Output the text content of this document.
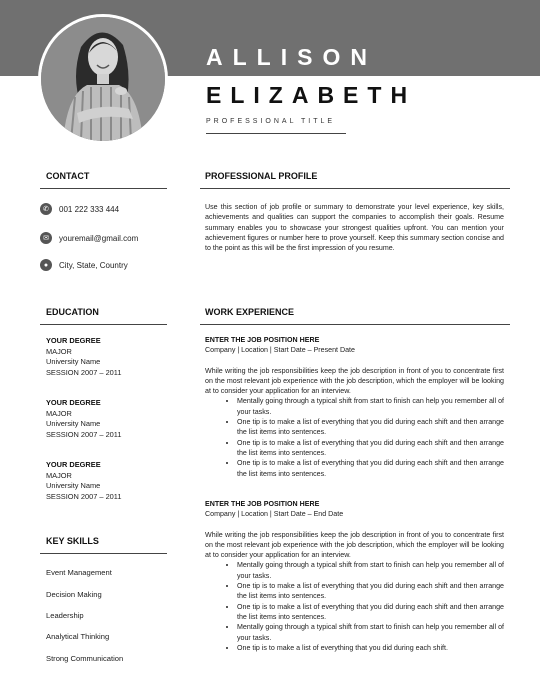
ALLISON
ELIZABETH
PROFESSIONAL TITLE
CONTACT
✆	001 222 333 444
✉	youremail@gmail.com
●	City, State, Country
EDUCATION
YOUR DEGREE
MAJOR
University Name
SESSION 2007 – 2011
YOUR DEGREE
MAJOR
University Name
SESSION 2007 – 2011
YOUR DEGREE
MAJOR
University Name
SESSION 2007 – 2011
KEY SKILLS
Event Management
Decision Making
Leadership
Analytical Thinking
Strong Communication
PROFESSIONAL PROFILE
Use this section of job profile or summary to demonstrate your level experience, key skills, achievements and qualities can support the companies to accomplish their goals. Resume summary enables you to showcase your strongest qualities upfront. You can mention your achievement figures or number here to prove yourself. Keep this summary section concise and to the point as this will be the first impression of you resume.
WORK EXPERIENCE
ENTER THE JOB POSITION HERE
Company | Location | Start Date – Present Date

While writing the job responsibilities keep the job description in front of you to concentrate first on the most relevant job experience with the job description, which the employer will be looking at to consider your application for an interview.

• Mentally going through a typical shift from start to finish can help you remember all of your tasks.
• One tip is to make a list of everything that you did during each shift and then arrange the list items into sentences.
• One tip is to make a list of everything that you did during each shift and then arrange the list items into sentences.
• One tip is to make a list of everything that you did during each shift and then arrange the list items into sentences.
ENTER THE JOB POSITION HERE
Company | Location | Start Date – End Date

While writing the job responsibilities keep the job description in front of you to concentrate first on the most relevant job experience with the job description, which the employer will be looking at to consider your application for an interview.

• Mentally going through a typical shift from start to finish can help you remember all of your tasks.
• One tip is to make a list of everything that you did during each shift and then arrange the list items into sentences.
• One tip is to make a list of everything that you did during each shift and then arrange the list items into sentences.
• Mentally going through a typical shift from start to finish can help you remember all of your tasks.
• One tip is to make a list of everything that you did during each shift.
